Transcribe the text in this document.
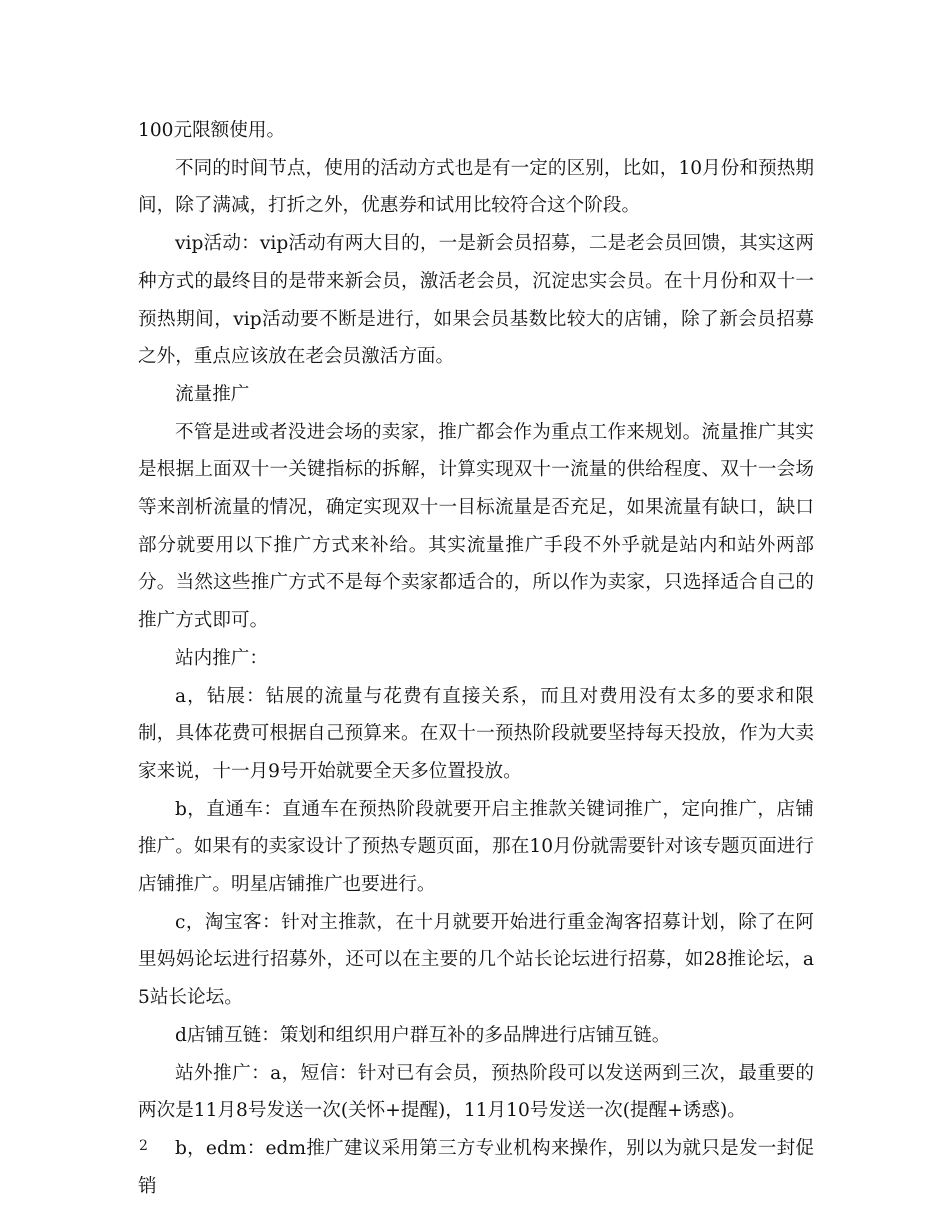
100元限额使用。

不同的时间节点，使用的活动方式也是有一定的区别，比如，10月份和预热期间，除了满减，打折之外，优惠券和试用比较符合这个阶段。

vip活动：vip活动有两大目的，一是新会员招募，二是老会员回馈，其实这两种方式的最终目的是带来新会员，激活老会员，沉淀忠实会员。在十月份和双十一预热期间，vip活动要不断是进行，如果会员基数比较大的店铺，除了新会员招募之外，重点应该放在老会员激活方面。

流量推广

不管是进或者没进会场的卖家，推广都会作为重点工作来规划。流量推广其实是根据上面双十一关键指标的拆解，计算实现双十一流量的供给程度、双十一会场等来剖析流量的情况，确定实现双十一目标流量是否充足，如果流量有缺口，缺口部分就要用以下推广方式来补给。其实流量推广手段不外乎就是站内和站外两部分。当然这些推广方式不是每个卖家都适合的，所以作为卖家，只选择适合自己的推广方式即可。

站内推广：

a，钻展：钻展的流量与花费有直接关系，而且对费用没有太多的要求和限制，具体花费可根据自己预算来。在双十一预热阶段就要坚持每天投放，作为大卖家来说，十一月9号开始就要全天多位置投放。

b，直通车：直通车在预热阶段就要开启主推款关键词推广，定向推广，店铺推广。如果有的卖家设计了预热专题页面，那在10月份就需要针对该专题页面进行店铺推广。明星店铺推广也要进行。

c，淘宝客：针对主推款，在十月就要开始进行重金淘客招募计划，除了在阿里妈妈论坛进行招募外，还可以在主要的几个站长论坛进行招募，如28推论坛，a5站长论坛。

d店铺互链：策划和组织用户群互补的多品牌进行店铺互链。

站外推广：a，短信：针对已有会员，预热阶段可以发送两到三次，最重要的两次是11月8号发送一次(关怀+提醒)，11月10号发送一次(提醒+诱惑)。

b，edm：edm推广建议采用第三方专业机构来操作，别以为就只是发一封促销

2
